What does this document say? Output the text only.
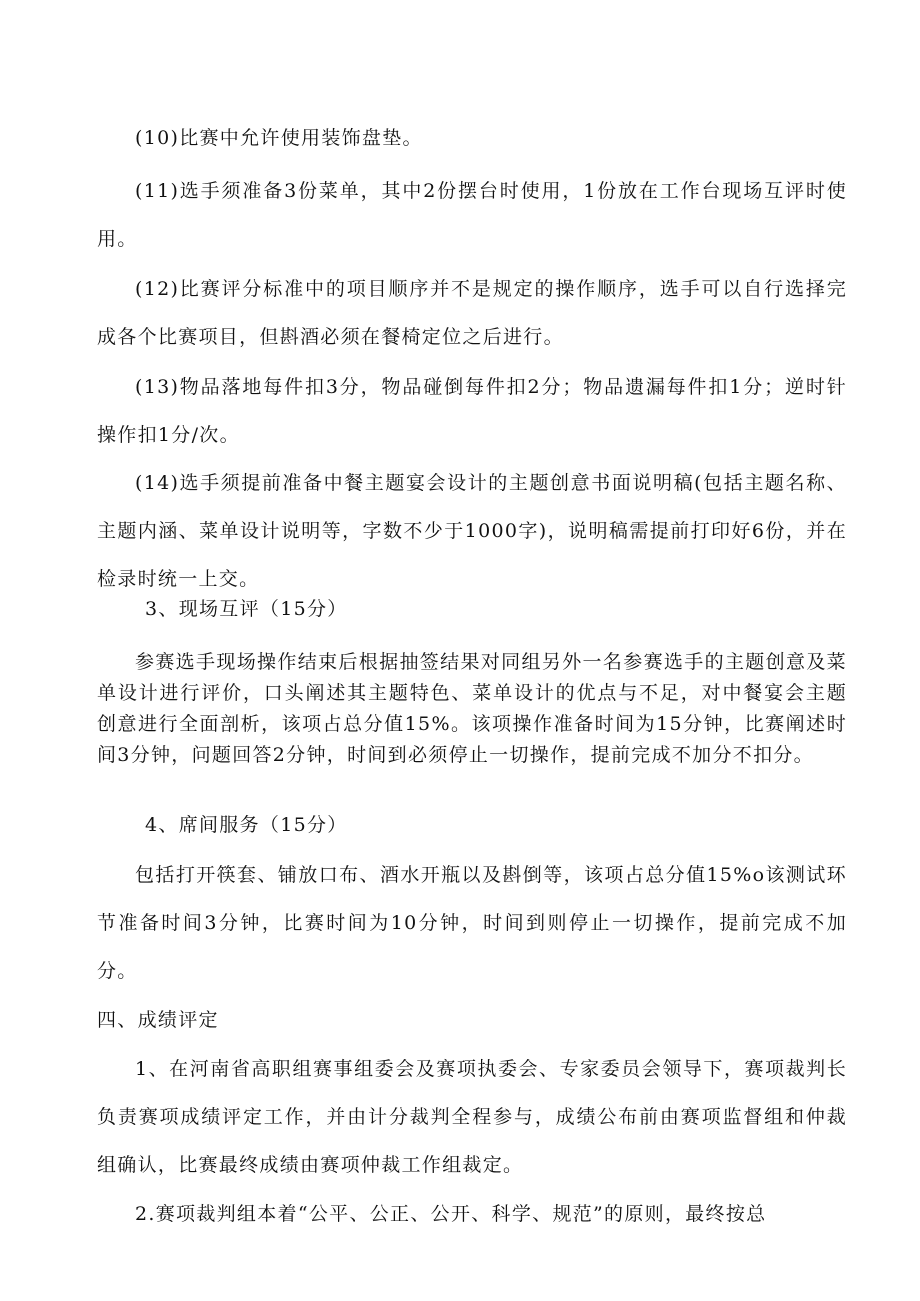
(10)比赛中允许使用装饰盘垫。

(11)选手须准备3份菜单，其中2份摆台时使用，1份放在工作台现场互评时使用。

(12)比赛评分标准中的项目顺序并不是规定的操作顺序，选手可以自行选择完成各个比赛项目，但斟酒必须在餐椅定位之后进行。

(13)物品落地每件扣3分，物品碰倒每件扣2分；物品遗漏每件扣1分；逆时针操作扣1分/次。

(14)选手须提前准备中餐主题宴会设计的主题创意书面说明稿(包括主题名称、主题内涵、菜单设计说明等，字数不少于1000字)，说明稿需提前打印好6份，并在检录时统一上交。

3、现场互评（15分）

参赛选手现场操作结束后根据抽签结果对同组另外一名参赛选手的主题创意及菜单设计进行评价，口头阐述其主题特色、菜单设计的优点与不足，对中餐宴会主题创意进行全面剖析，该项占总分值15%。该项操作准备时间为15分钟，比赛阐述时间3分钟，问题回答2分钟，时间到必须停止一切操作，提前完成不加分不扣分。

4、席间服务（15分）

包括打开筷套、铺放口布、酒水开瓶以及斟倒等，该项占总分值15%o该测试环节准备时间3分钟，比赛时间为10分钟，时间到则停止一切操作，提前完成不加分。

四、成绩评定

1、在河南省高职组赛事组委会及赛项执委会、专家委员会领导下，赛项裁判长负责赛项成绩评定工作，并由计分裁判全程参与，成绩公布前由赛项监督组和仲裁组确认，比赛最终成绩由赛项仲裁工作组裁定。

2.赛项裁判组本着“公平、公正、公开、科学、规范”的原则，最终按总
